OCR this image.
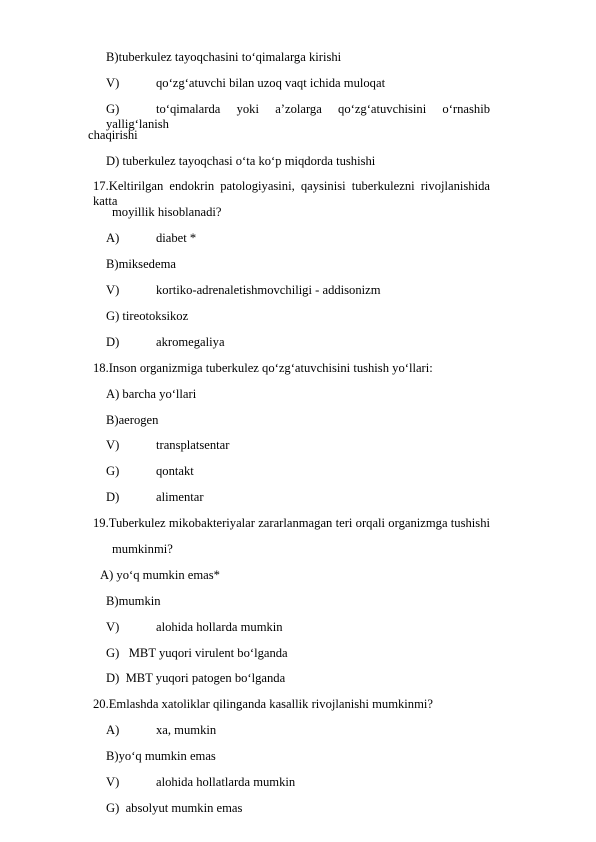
B)tuberkulez tayoqchasini to‘qimalarga kirishi
V)	qo‘zg‘atuvchi bilan uzoq vaqt ichida muloqat
G)	to‘qimalarda yoki a’zolarga qo‘zg‘atuvchisini o‘rnashib yallig‘lanish
chaqirishi
D) tuberkulez tayoqchasi o‘ta ko‘p miqdorda tushishi
17.Keltirilgan endokrin patologiyasini, qaysinisi tuberkulezni rivojlanishida katta
moyillik hisoblanadi?
A)	diabet *
B)miksedema
V)	kortiko-adrenaletishmovchiligi - addisonizm
G) tireotoksikoz
D)	akromegaliya
18.Inson organizmiga tuberkulez qo‘zg‘atuvchisini tushish yo‘llari:
A) barcha yo‘llari
B)aerogen
V)	transplatsentar
G)	qontakt
D)	alimentar
19.Tuberkulez mikobakteriyalar zararlanmagan teri orqali organizmga tushishi
mumkinmi?
A) yo‘q mumkin emas*
B)mumkin
V)	alohida hollarda mumkin
G)   MBT yuqori virulent bo‘lganda
D)  MBT yuqori patogen bo‘lganda
20.Emlashda xatoliklar qilinganda kasallik rivojlanishi mumkinmi?
A)	xa, mumkin
B)yo‘q mumkin emas
V)	alohida hollatlarda mumkin
G)  absolyut mumkin emas
